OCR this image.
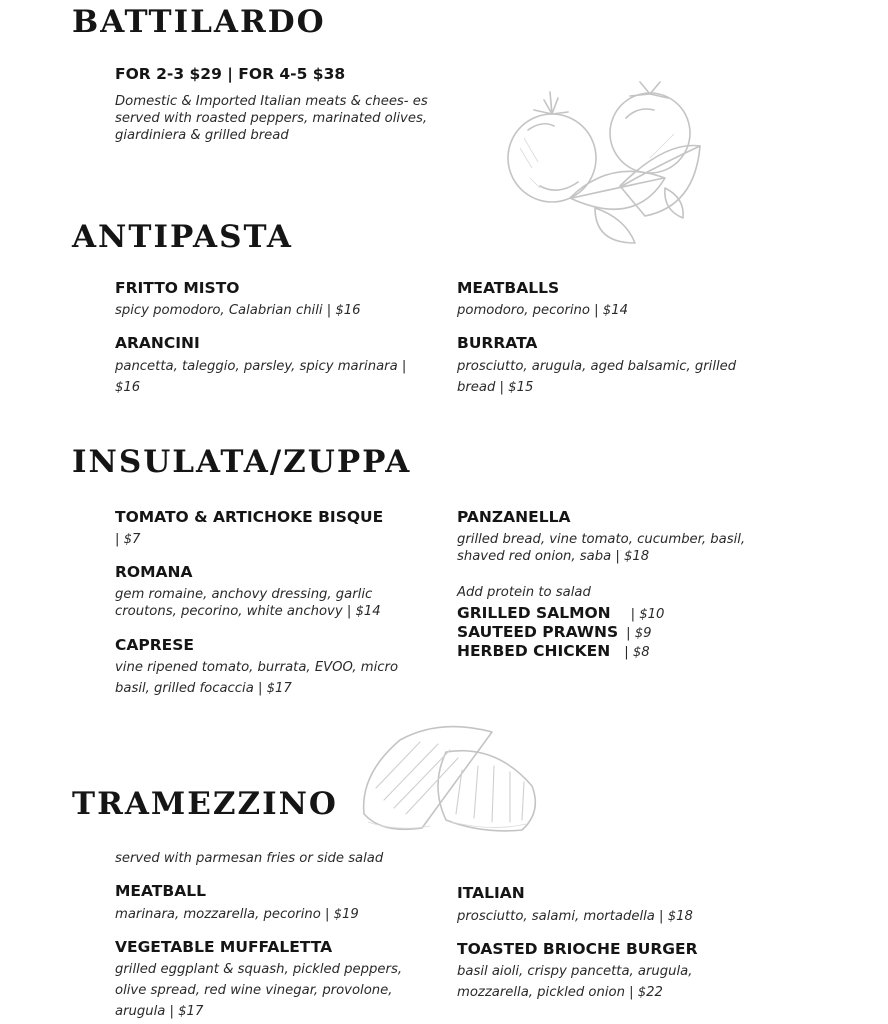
BATTILARDO

FOR 2-3 $29 | FOR 4-5 $38

Domestic & Imported Italian meats & chees- es served with roasted peppers, marinated olives, giardiniera & grilled bread

ANTIPASTA

FRITTO MISTO

spicy pomodoro, Calabrian chili | $16

MEATBALLS

pomodoro, pecorino | $14

ARANCINI

pancetta, taleggio, parsley, spicy marinara | $16

BURRATA

prosciutto, arugula, aged balsamic, grilled bread | $15

INSULATA/ZUPPA

TOMATO & ARTICHOKE BISQUE

| $7

PANZANELLA

grilled bread, vine tomato, cucumber, basil, shaved red onion, saba | $18

ROMANA

gem romaine, anchovy dressing, garlic croutons, pecorino, white anchovy | $14

CAPRESE

vine ripened tomato, burrata, EVOO, micro basil, grilled focaccia | $17

Add protein to salad

GRILLED SALMON | $10
SAUTEED PRAWNS | $9
HERBED CHICKEN | $8
TRAMEZZINO

served with parmesan fries or side salad

MEATBALL

marinara, mozzarella, pecorino | $19

ITALIAN

prosciutto, salami, mortadella | $18

VEGETABLE MUFFALETTA

grilled eggplant & squash, pickled peppers, olive spread, red wine vinegar, provolone, arugula | $17

TOASTED BRIOCHE BURGER

basil aioli, crispy pancetta, arugula, mozzarella, pickled onion | $22
